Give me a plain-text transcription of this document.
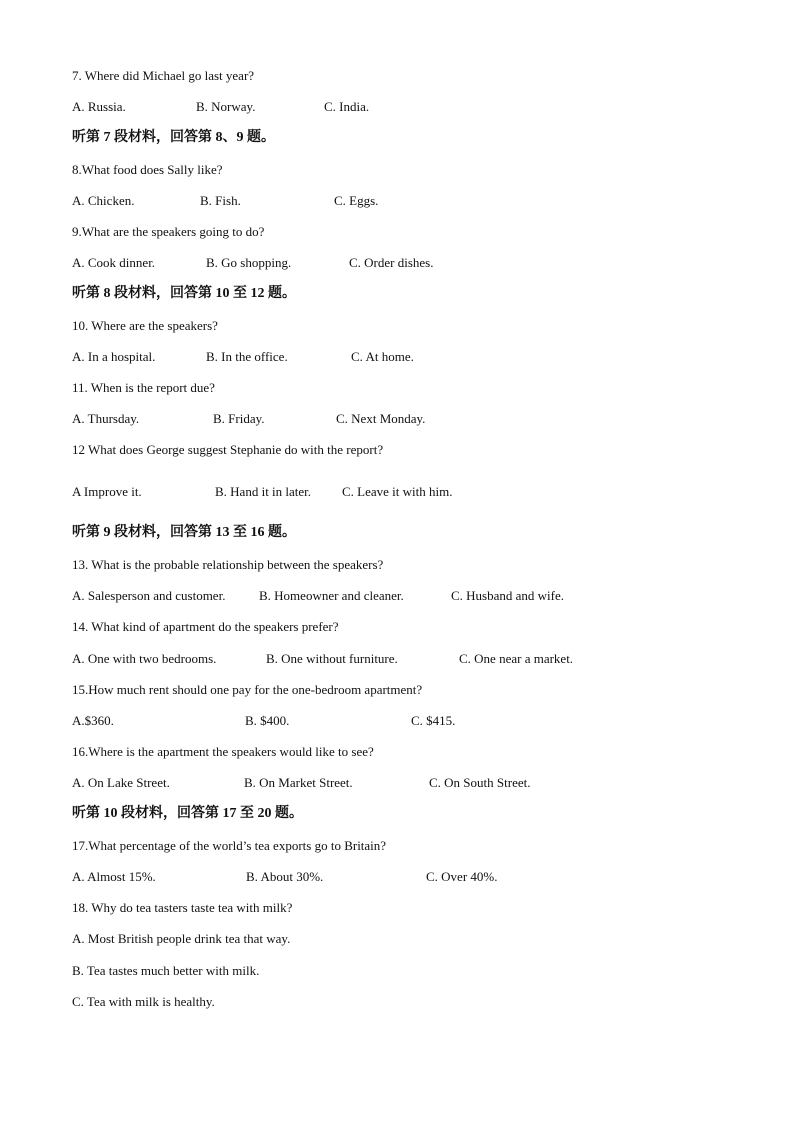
7. Where did Michael go last year?
A. Russia.	B. Norway.	C. India.
听第 7 段材料，回答第 8、9 题。
8.What food does Sally like?
A. Chicken.	B. Fish.	C. Eggs.
9.What are the speakers going to do?
A. Cook dinner.	B. Go shopping.	C. Order dishes.
听第 8 段材料，回答第 10 至 12 题。
10. Where are the speakers?
A. In a hospital.	B. In the office.	C. At home.
11. When is the report due?
A. Thursday.	B. Friday.	C. Next Monday.
12 What does George suggest Stephanie do with the report?
A Improve it.	B. Hand it in later. C. Leave it with him.
听第 9 段材料，回答第 13 至 16 题。
13. What is the probable relationship between the speakers?
A. Salesperson and customer.	B. Homeowner and cleaner.	C. Husband and wife.
14. What kind of apartment do the speakers prefer?
A. One with two bedrooms.	B. One without furniture.	C. One near a market.
15.How much rent should one pay for the one-bedroom apartment?
A.$360.	B. $400.	C. $415.
16.Where is the apartment the speakers would like to see?
A. On Lake Street.	B. On Market Street.	C. On South Street.
听第 10 段材料，回答第 17 至 20 题。
17.What percentage of the world’s tea exports go to Britain?
A. Almost 15%.	B. About 30%.	C. Over 40%.
18. Why do tea tasters taste tea with milk?
A. Most British people drink tea that way.
B. Tea tastes much better with milk.
C. Tea with milk is healthy.
